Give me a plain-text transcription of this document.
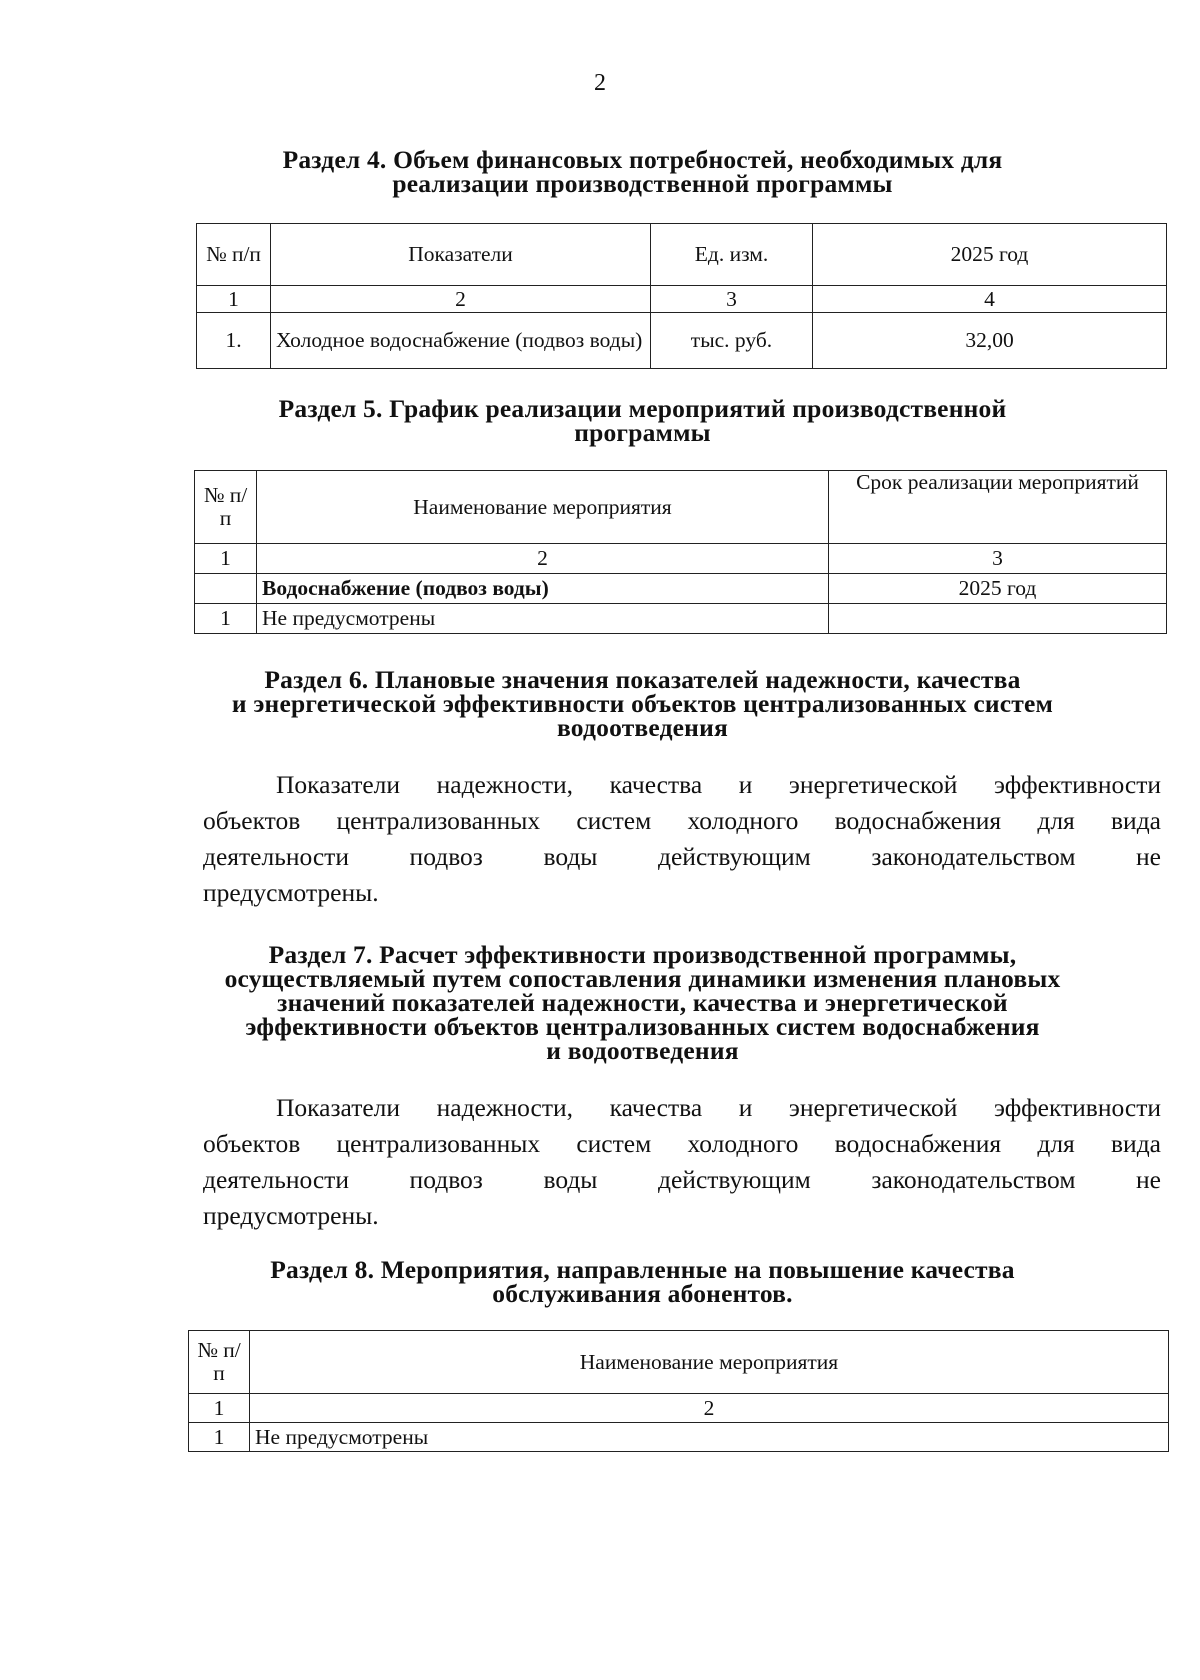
2
Раздел 4. Объем финансовых потребностей, необходимых для
реализации производственной программы
№ п/п	Показатели	Ед. изм.	2025 год
1	2	3	4
1.	Холодное водоснабжение (подвоз воды)	тыс. руб.	32,00
Раздел 5. График реализации мероприятий производственной
программы
№ п/п	Наименование мероприятия	Срок реализации мероприятий
1	2	3
	Водоснабжение (подвоз воды)	2025 год
1	Не предусмотрены	
Раздел 6. Плановые значения показателей надежности, качества
и энергетической эффективности объектов централизованных систем
водоотведения
Показатели надежности, качества и энергетической эффективности
объектов централизованных систем холодного водоснабжения для вида
деятельности подвоз воды действующим законодательством не
предусмотрены.
Раздел 7. Расчет эффективности производственной программы,
осуществляемый путем сопоставления динамики изменения плановых
значений показателей надежности, качества и энергетической
эффективности объектов централизованных систем водоснабжения
и водоотведения
Показатели надежности, качества и энергетической эффективности
объектов централизованных систем холодного водоснабжения для вида
деятельности подвоз воды действующим законодательством не
предусмотрены.
Раздел 8. Мероприятия, направленные на повышение качества
обслуживания абонентов.
№ п/п	Наименование мероприятия
1	2
1	Не предусмотрены
